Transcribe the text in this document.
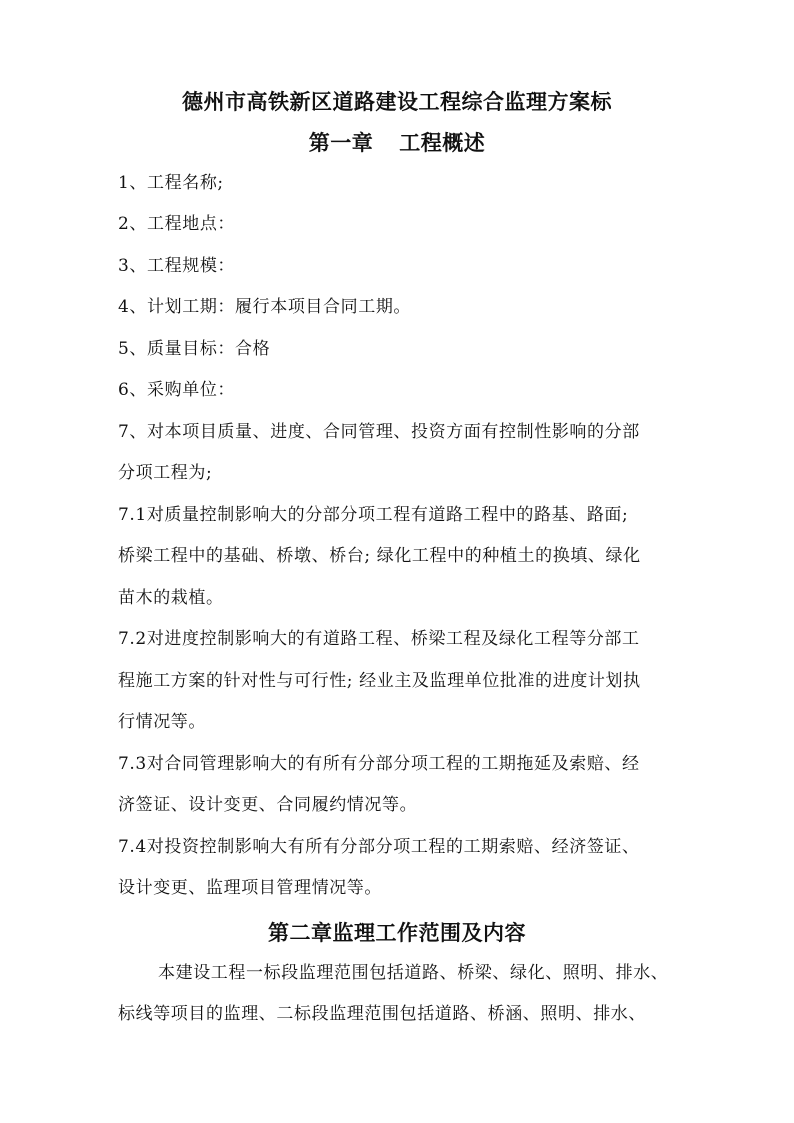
德州市高铁新区道路建设工程综合监理方案标
第一章 工程概述
1、工程名称;
2、工程地点：
3、工程规模：
4、计划工期：履行本项目合同工期。
5、质量目标：合格
6、采购单位：
7、对本项目质量、进度、合同管理、投资方面有控制性影响的分部
分项工程为;
7.1对质量控制影响大的分部分项工程有道路工程中的路基、路面;
桥梁工程中的基础、桥墩、桥台; 绿化工程中的种植土的换填、绿化
苗木的栽植。
7.2对进度控制影响大的有道路工程、桥梁工程及绿化工程等分部工
程施工方案的针对性与可行性; 经业主及监理单位批准的进度计划执
行情况等。
7.3对合同管理影响大的有所有分部分项工程的工期拖延及索赔、经
济签证、设计变更、合同履约情况等。
7.4对投资控制影响大有所有分部分项工程的工期索赔、经济签证、
设计变更、监理项目管理情况等。
第二章监理工作范围及内容
本建设工程一标段监理范围包括道路、桥梁、绿化、照明、排水、
标线等项目的监理、二标段监理范围包括道路、桥涵、照明、排水、
